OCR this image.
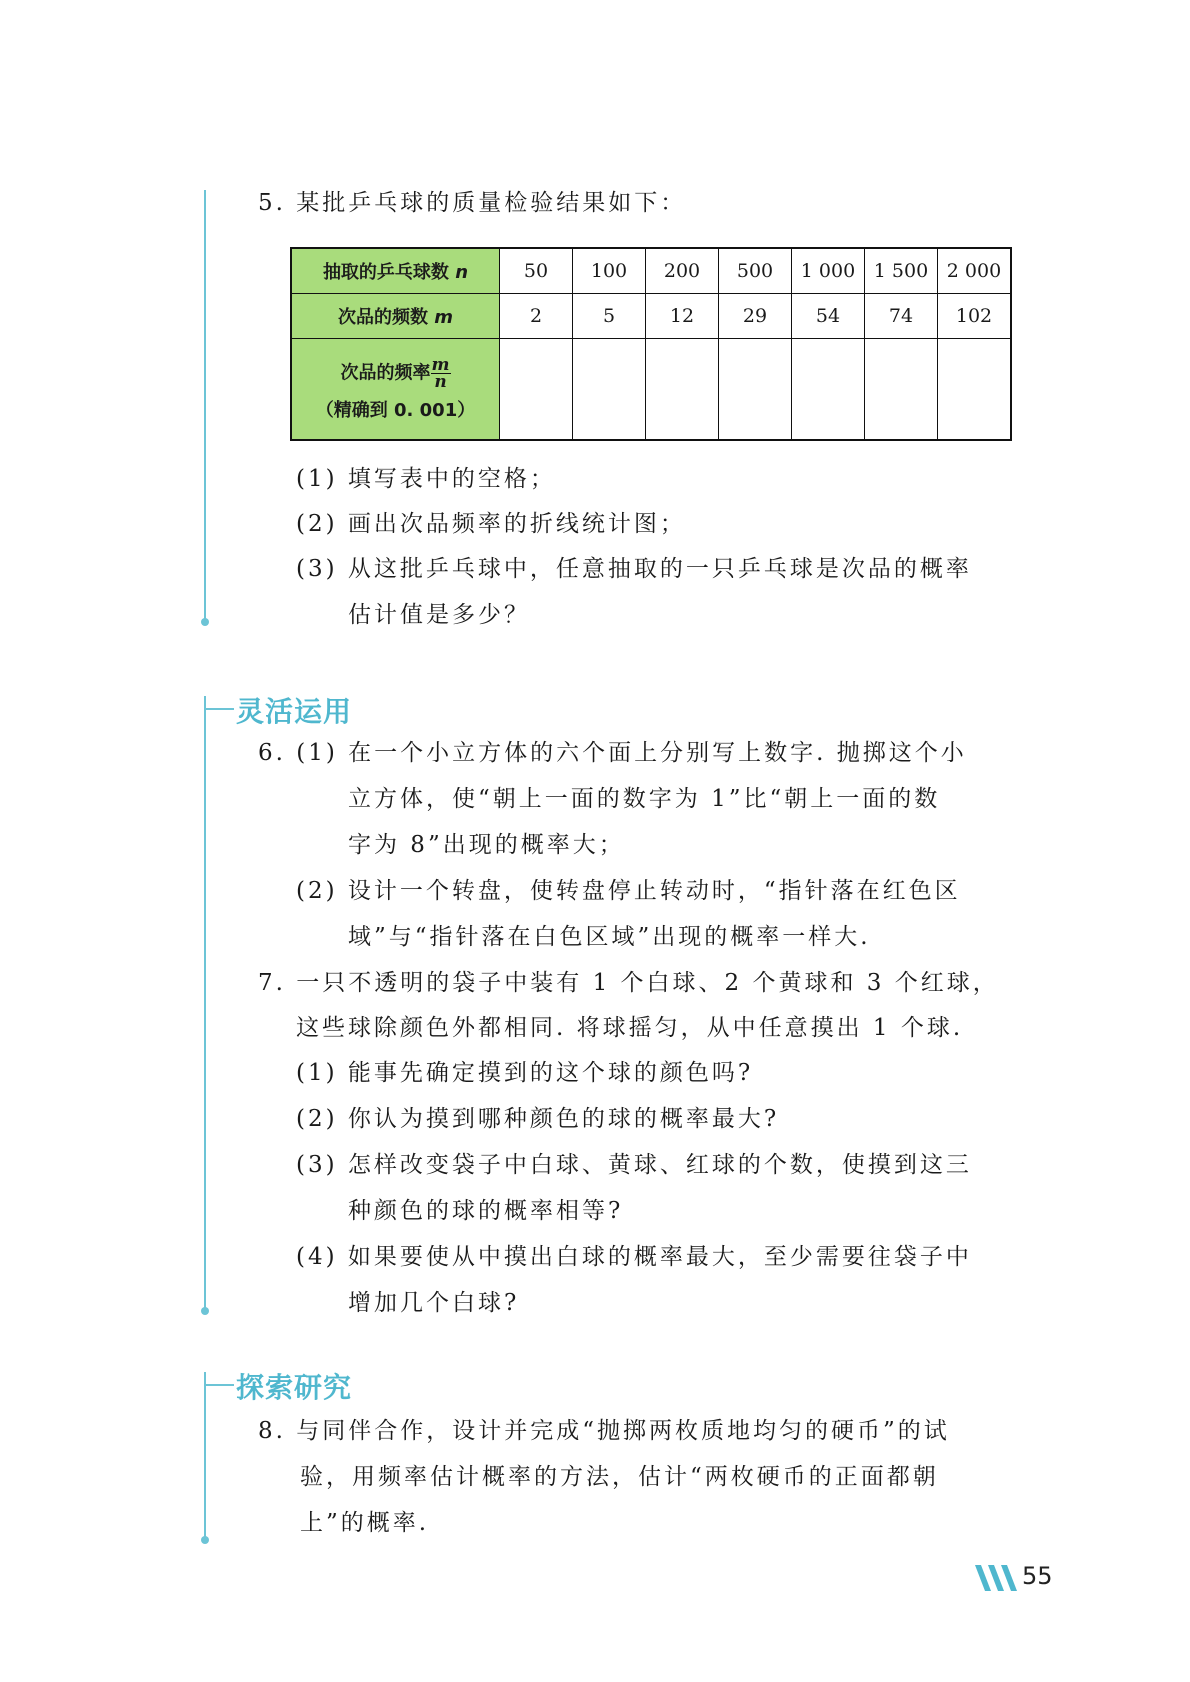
5. 某批乒乓球的质量检验结果如下：
抽取的乒乓球数 n	50	100	200	500	1 000	1 500	2 000
次品的频数 m	2	5	12	29	54	74	102
次品的频率 $\frac{m}{n}$
（精确到 0. 001）							

(1) 填写表中的空格；
(2) 画出次品频率的折线统计图；
(3) 从这批乒乓球中，任意抽取的一只乒乓球是次品的概率
估计值是多少？
灵活运用
6. (1) 在一个小立方体的六个面上分别写上数字. 抛掷这个小
立方体，使“朝上一面的数字为 1”比“朝上一面的数
字为 8”出现的概率大；
(2) 设计一个转盘，使转盘停止转动时，“指针落在红色区
域”与“指针落在白色区域”出现的概率一样大.
7. 一只不透明的袋子中装有 1 个白球、2 个黄球和 3 个红球，
这些球除颜色外都相同. 将球摇匀，从中任意摸出 1 个球.
(1) 能事先确定摸到的这个球的颜色吗?
(2) 你认为摸到哪种颜色的球的概率最大?
(3) 怎样改变袋子中白球、黄球、红球的个数，使摸到这三
种颜色的球的概率相等?
(4) 如果要使从中摸出白球的概率最大，至少需要往袋子中
增加几个白球?
探索研究
8. 与同伴合作，设计并完成“抛掷两枚质地均匀的硬币”的试
验，用频率估计概率的方法，估计“两枚硬币的正面都朝
上”的概率.
55
